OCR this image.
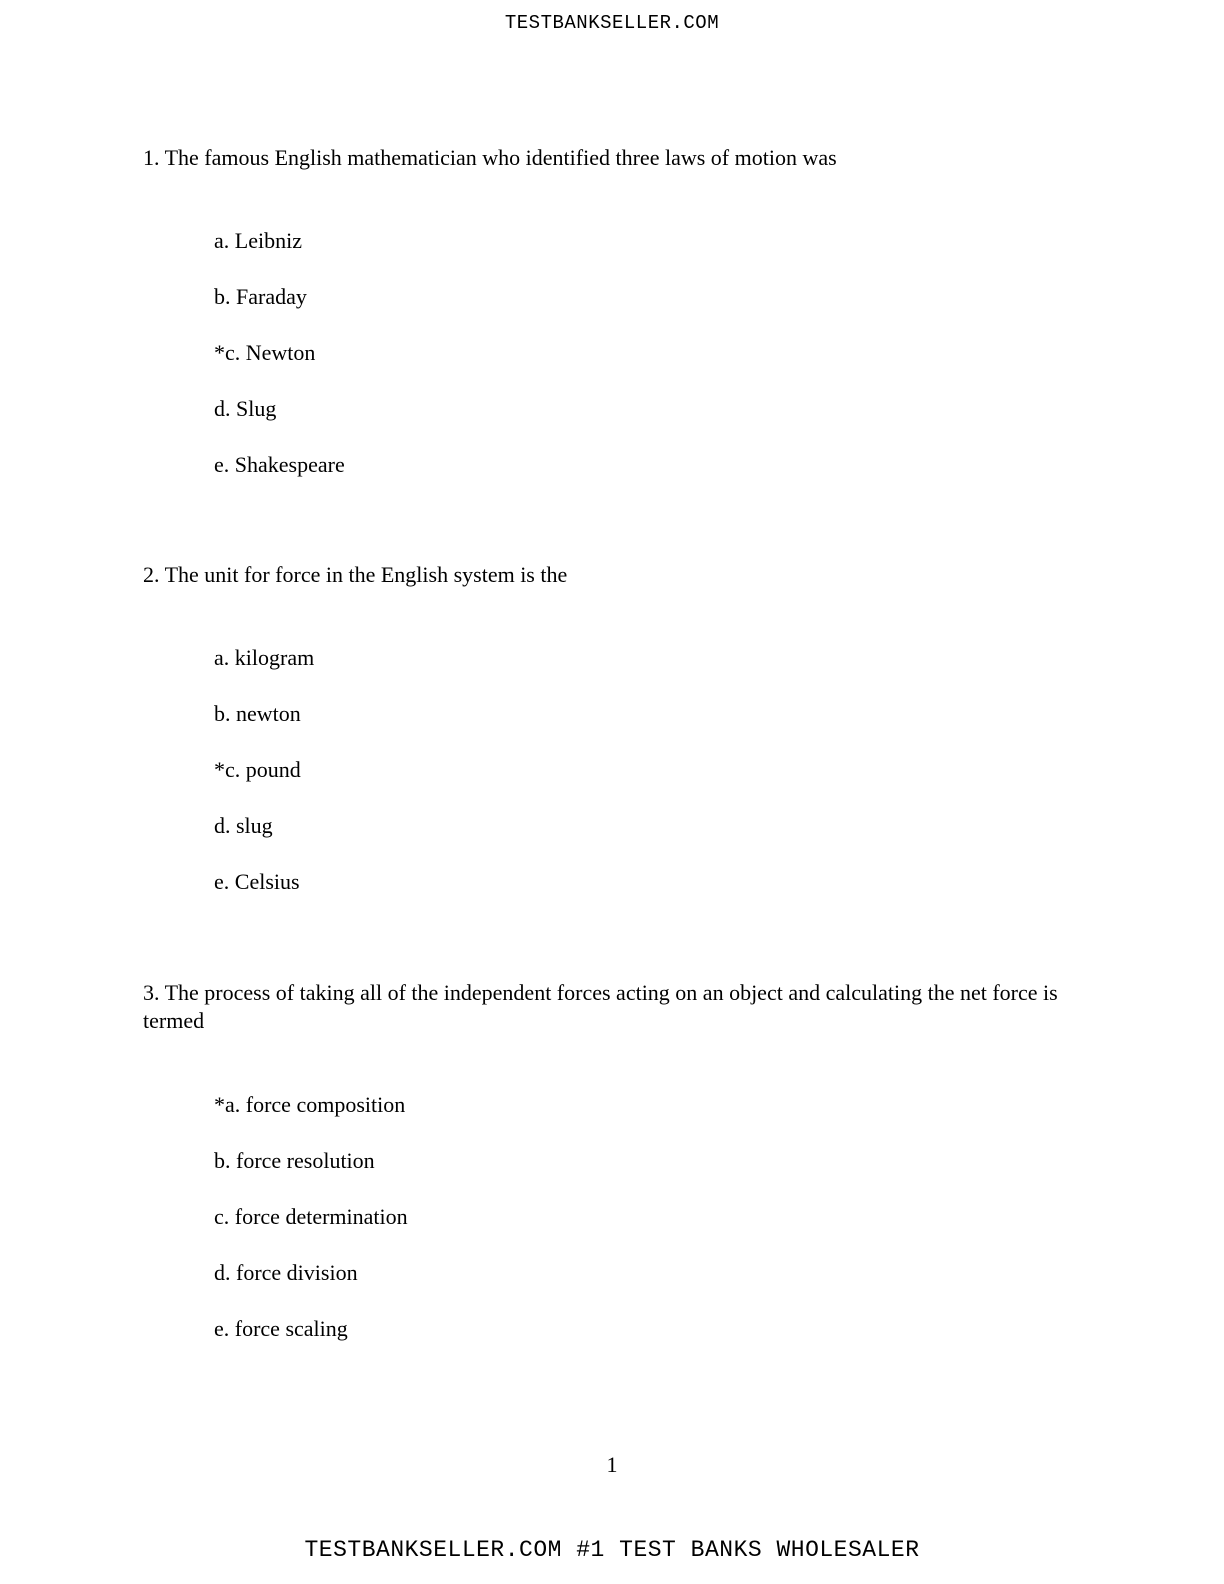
TESTBANKSELLER.COM
1. The famous English mathematician who identified three laws of motion was
a. Leibniz
b. Faraday
*c. Newton
d. Slug
e. Shakespeare
2. The unit for force in the English system is the
a. kilogram
b. newton
*c. pound
d. slug
e. Celsius
3. The process of taking all of the independent forces acting on an object and calculating the net force is termed
*a. force composition
b. force resolution
c. force determination
d. force division
e. force scaling
1
TESTBANKSELLER.COM #1 TEST BANKS WHOLESALER
